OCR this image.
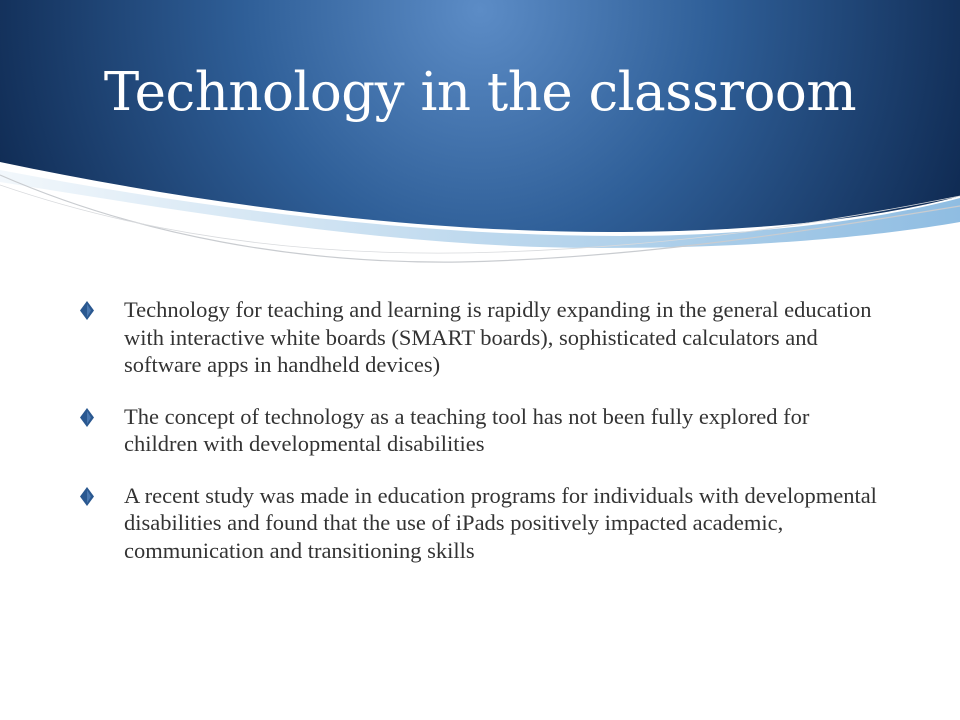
Technology in the classroom
Technology for teaching and learning is rapidly expanding in the general education with interactive white boards (SMART boards), sophisticated calculators and software apps in handheld devices)
The concept of technology as a teaching tool has not been fully explored for children with developmental disabilities
A recent study was made in education programs for individuals with developmental disabilities and found that the use of iPads positively impacted academic, communication and transitioning skills
